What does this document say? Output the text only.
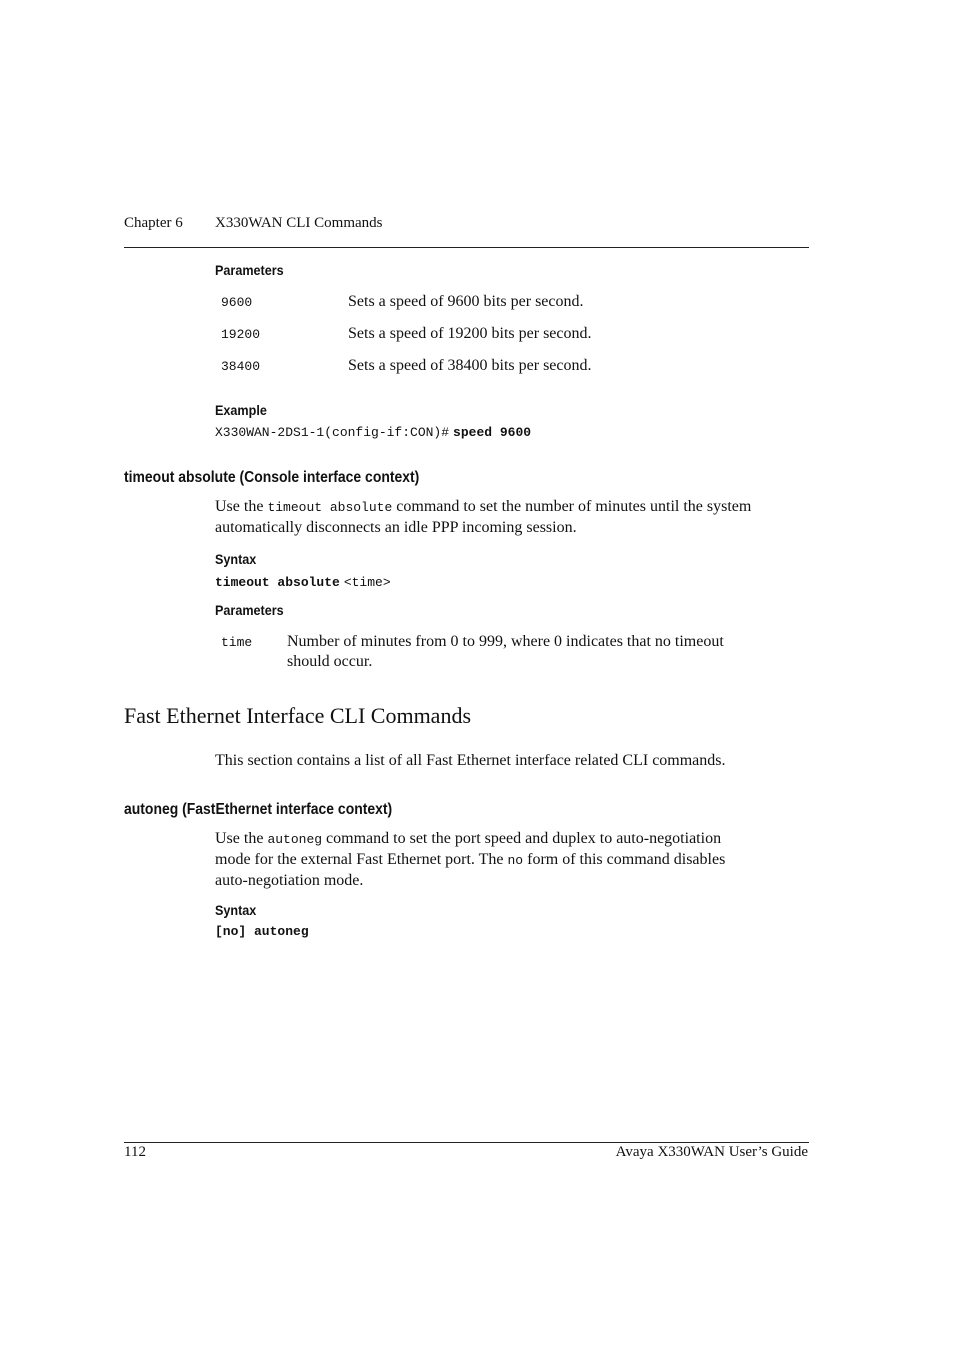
Chapter 6 X330WAN CLI Commands
Parameters
9600	Sets a speed of 9600 bits per second.
19200	Sets a speed of 19200 bits per second.
38400	Sets a speed of 38400 bits per second.
Example
X330WAN-2DS1-1(config-if:CON)# speed 9600
timeout absolute (Console interface context)
Use the timeout absolute command to set the number of minutes until the system
automatically disconnects an idle PPP incoming session.
Syntax
timeout absolute <time>
Parameters
time Number of minutes from 0 to 999, where 0 indicates that no timeout
should occur.
Fast Ethernet Interface CLI Commands
This section contains a list of all Fast Ethernet interface related CLI commands.
autoneg (FastEthernet interface context)
Use the autoneg command to set the port speed and duplex to auto-negotiation
mode for the external Fast Ethernet port. The no form of this command disables
auto-negotiation mode.
Syntax
[no] autoneg
112	Avaya X330WAN User’s Guide
